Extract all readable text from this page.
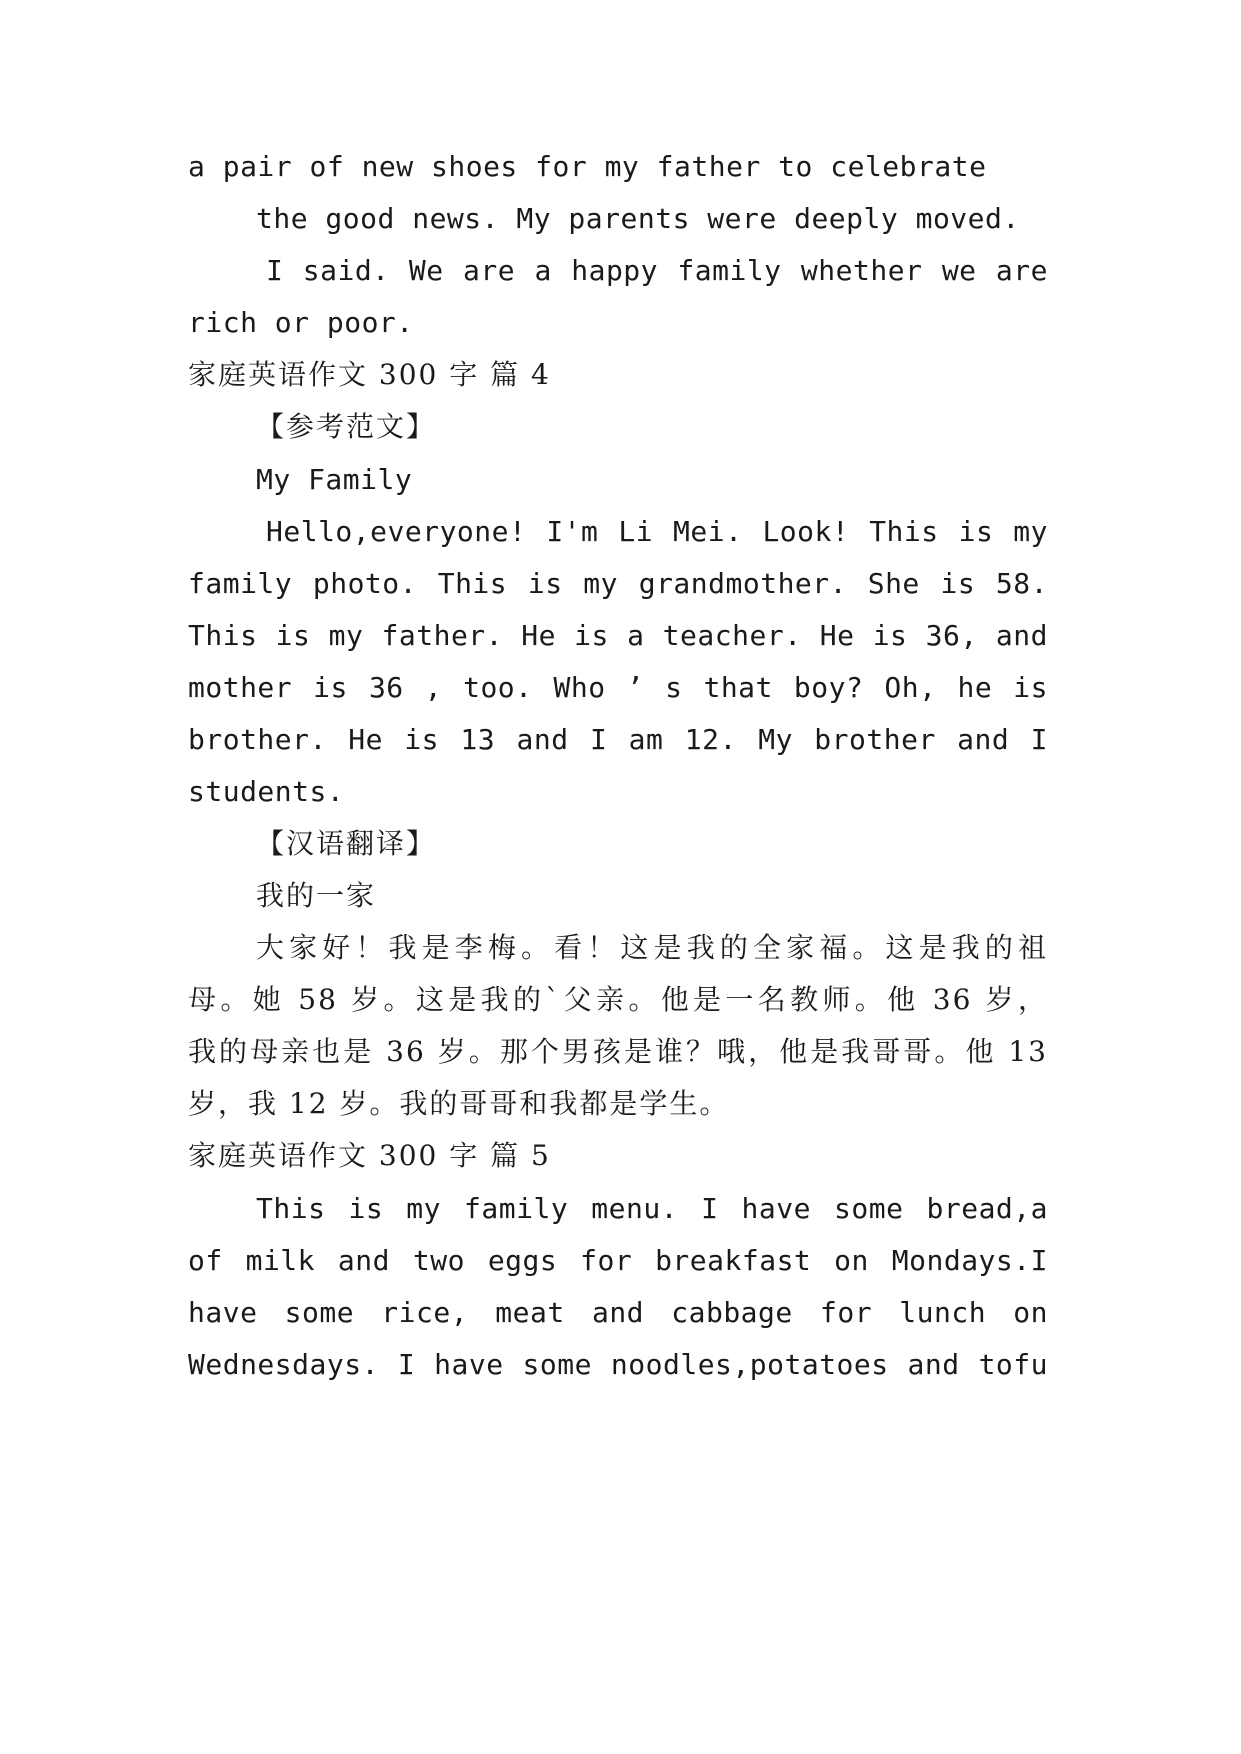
a pair of new shoes for my father to celebrate
the good news. My parents were deeply moved.
I said. We are a happy family whether we are
rich or poor.
家庭英语作文 300 字 篇 4
【参考范文】
My Family
Hello,everyone! I'm Li Mei. Look! This is my
family photo. This is my grandmother. She is 58.
This is my father. He is a teacher. He is 36, and
mother is 36 , too. Who ’ s that boy? Oh, he is
brother. He is 13 and I am 12. My brother and I
students.
【汉语翻译】
我的一家
大家好！我是李梅。看！这是我的全家福。这是我的祖
母。她 58 岁。这是我的`父亲。他是一名教师。他 36 岁，
我的母亲也是 36 岁。那个男孩是谁？哦，他是我哥哥。他 13
岁，我 12 岁。我的哥哥和我都是学生。
家庭英语作文 300 字 篇 5
This is my family menu. I have some bread,a
of milk and two eggs for breakfast on Mondays.I
have some rice, meat and cabbage for lunch on
Wednesdays. I have some noodles,potatoes and tofu
